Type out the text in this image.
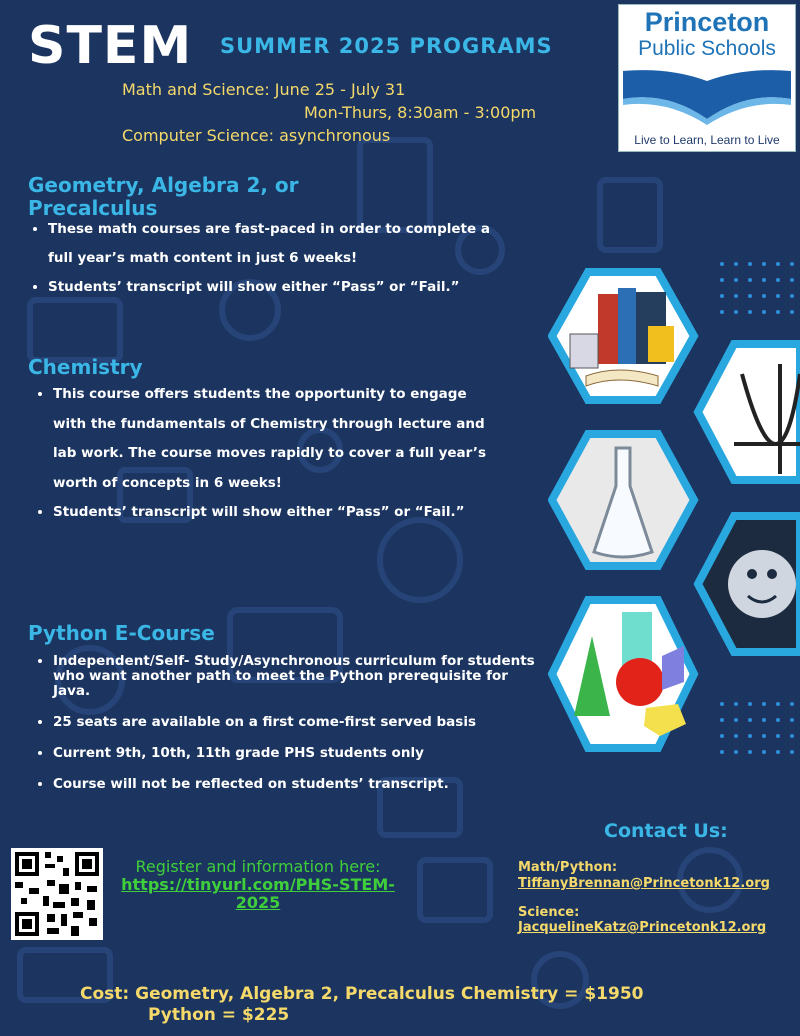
STEM SUMMER 2025 PROGRAMS
Math and Science: June 25 - July 31
Mon-Thurs, 8:30am - 3:00pm
Computer Science: asynchronous
Princeton
Public Schools
Live to Learn, Learn to Live
Geometry, Algebra 2, or
Precalculus
• These math courses are fast-paced in order to complete a full year’s math content in just 6 weeks!
• Students’ transcript will show either “Pass” or “Fail.”
Chemistry
• This course offers students the opportunity to engage with the fundamentals of Chemistry through lecture and lab work. The course moves rapidly to cover a full year’s worth of concepts in 6 weeks!
• Students’ transcript will show either “Pass” or “Fail.”
Python E-Course
• Independent/Self- Study/Asynchronous curriculum for students who want another path to meet the Python prerequisite for Java.
• 25 seats are available on a first come-first served basis
• Current 9th, 10th, 11th grade PHS students only
• Course will not be reflected on students’ transcript.
Register and information here:
https://tinyurl.com/PHS-STEM-2025
Contact Us:
Math/Python:
TiffanyBrennan@Princetonk12.org
Science:
JacquelineKatz@Princetonk12.org
Cost: Geometry, Algebra 2, Precalculus Chemistry = $1950
Python = $225
